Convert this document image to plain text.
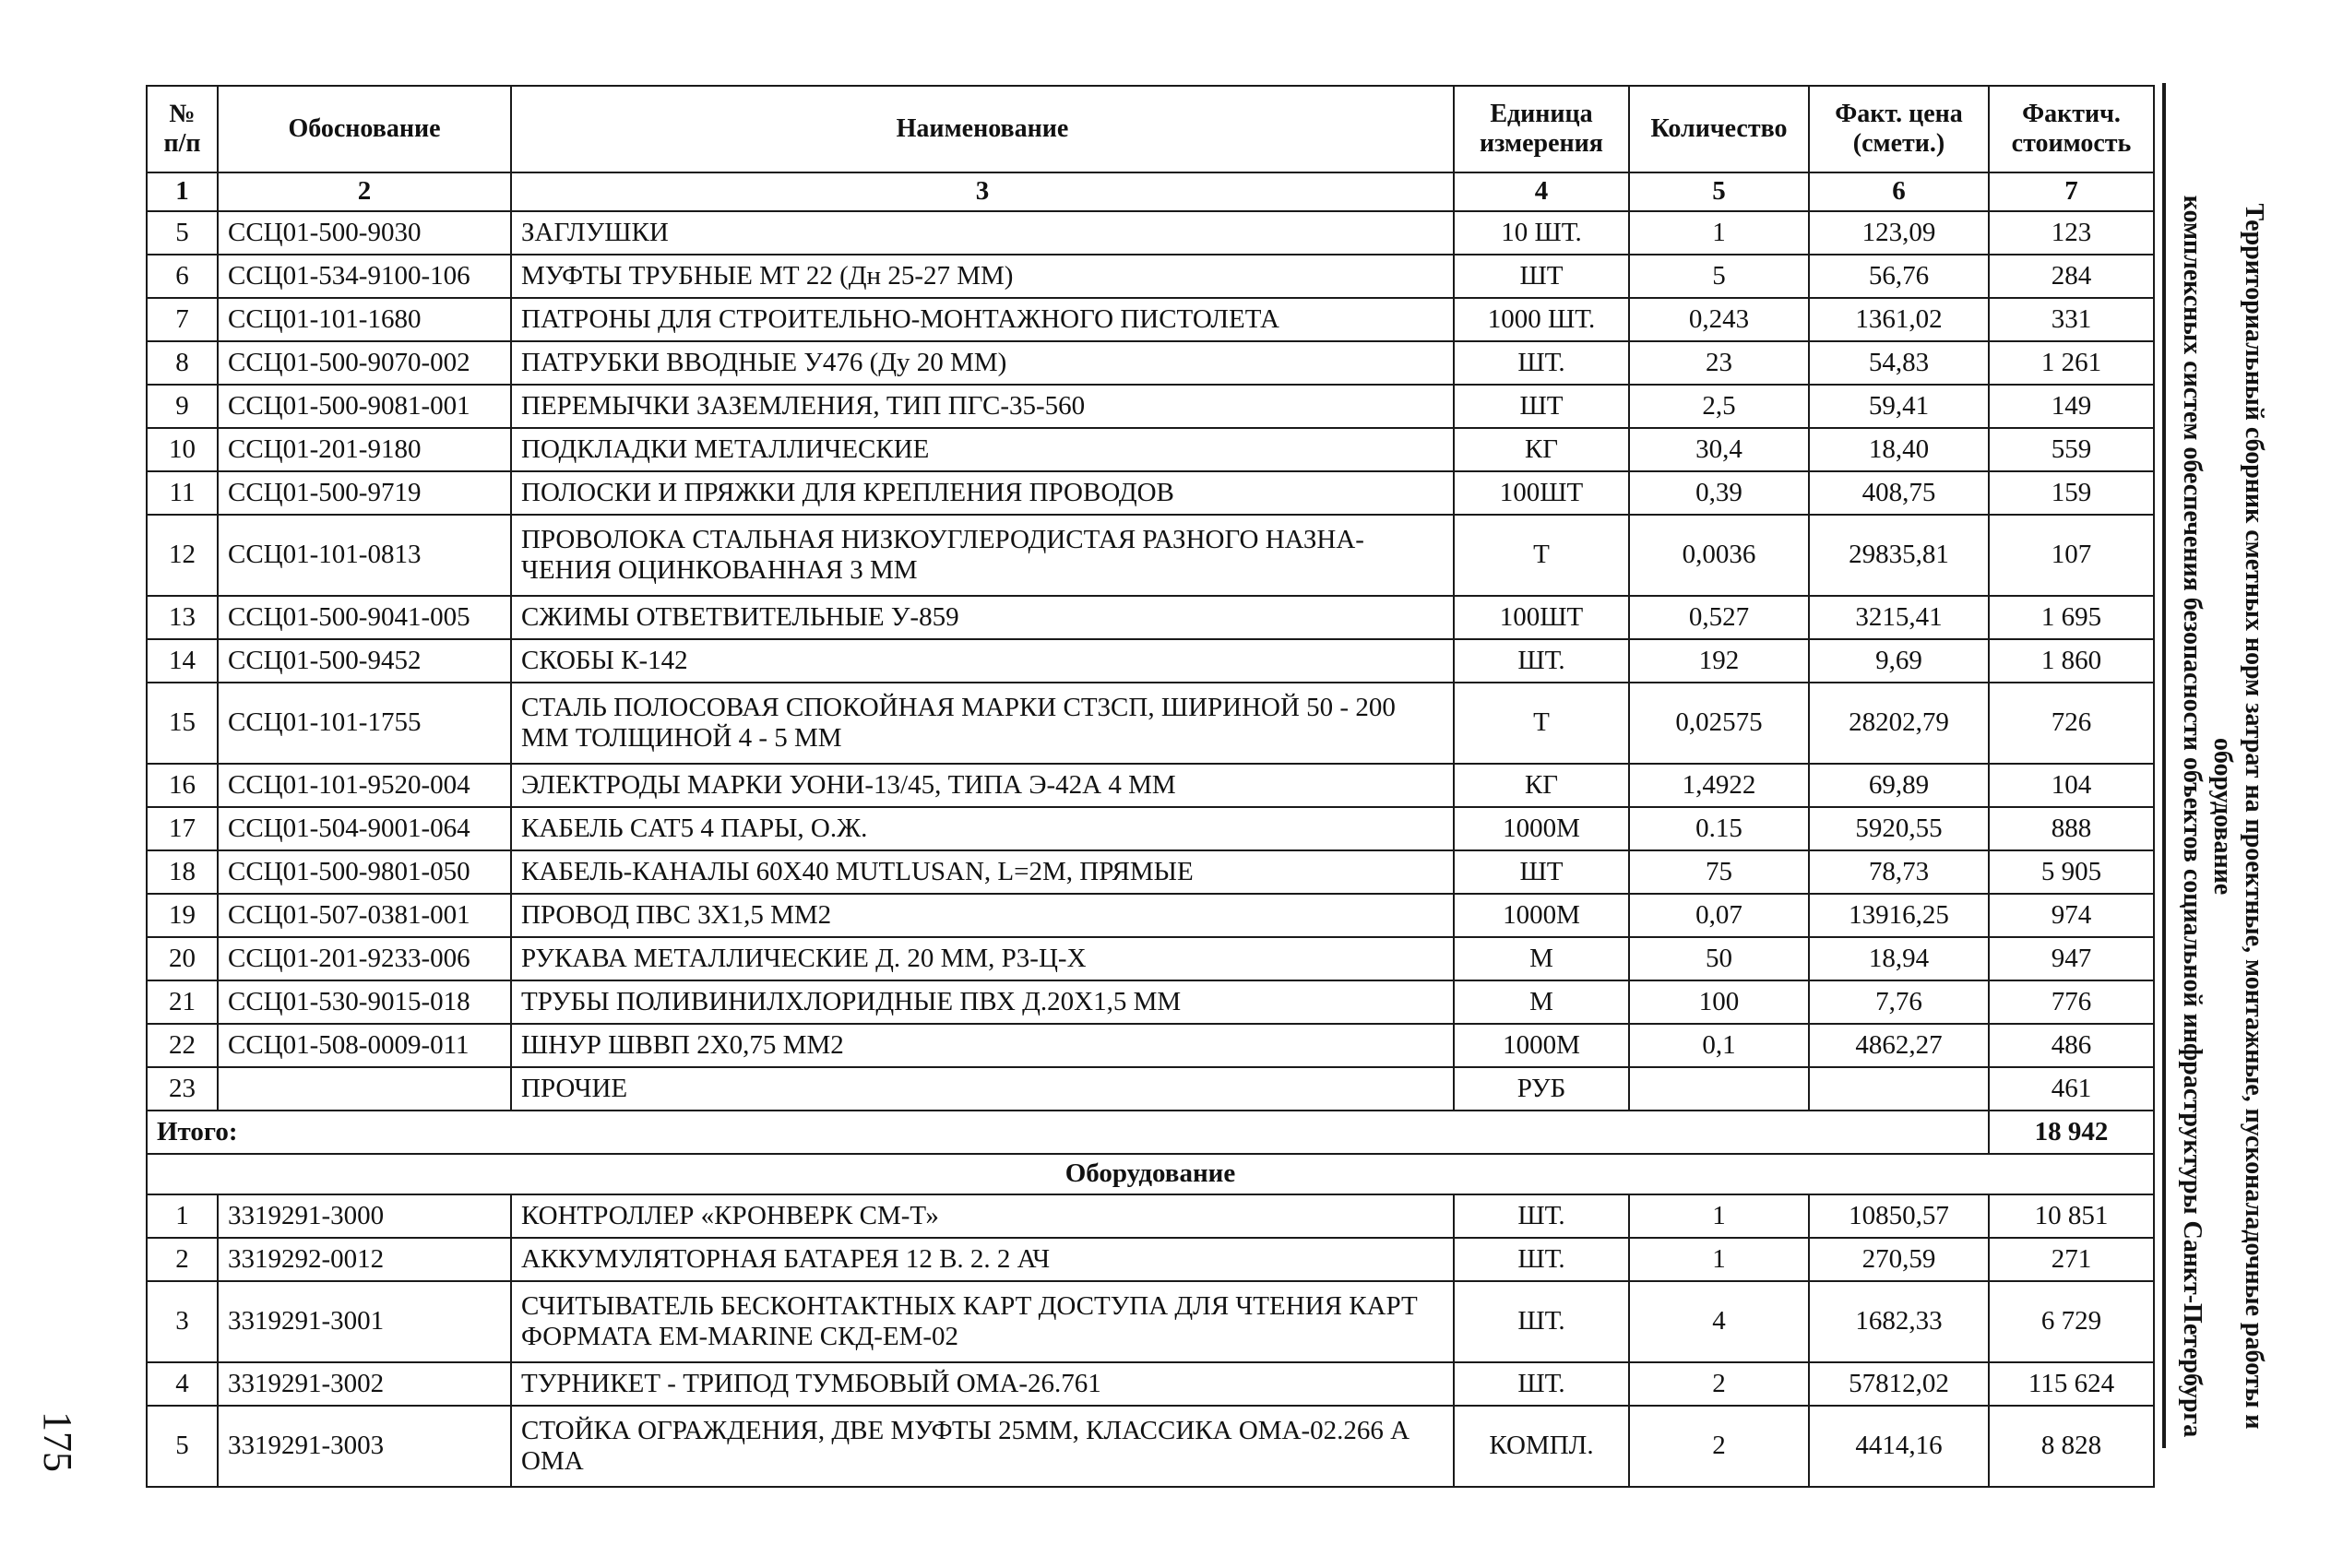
№ п/п	Обоснование	Наименование	Единица измерения	Количество	Факт. цена (смети.)	Фактич. стоимость
1	2	3	4	5	6	7
5	ССЦ01-500-9030	ЗАГЛУШКИ	10 ШТ.	1	123,09	123
6	ССЦ01-534-9100-106	МУФТЫ ТРУБНЫЕ МТ 22 (Дн 25-27 ММ)	ШТ	5	56,76	284
7	ССЦ01-101-1680	ПАТРОНЫ ДЛЯ СТРОИТЕЛЬНО-МОНТАЖНОГО ПИСТОЛЕТА	1000 ШТ.	0,243	1361,02	331
8	ССЦ01-500-9070-002	ПАТРУБКИ ВВОДНЫЕ У476 (Ду 20 ММ)	ШТ.	23	54,83	1 261
9	ССЦ01-500-9081-001	ПЕРЕМЫЧКИ ЗАЗЕМЛЕНИЯ, ТИП ПГС-35-560	ШТ	2,5	59,41	149
10	ССЦ01-201-9180	ПОДКЛАДКИ МЕТАЛЛИЧЕСКИЕ	КГ	30,4	18,40	559
11	ССЦ01-500-9719	ПОЛОСКИ И ПРЯЖКИ ДЛЯ КРЕПЛЕНИЯ ПРОВОДОВ	100ШТ	0,39	408,75	159
12	ССЦ01-101-0813	ПРОВОЛОКА СТАЛЬНАЯ НИЗКОУГЛЕРОДИСТАЯ РАЗНОГО НАЗНА-ЧЕНИЯ ОЦИНКОВАННАЯ 3 ММ	Т	0,0036	29835,81	107
13	ССЦ01-500-9041-005	СЖИМЫ ОТВЕТВИТЕЛЬНЫЕ У-859	100ШТ	0,527	3215,41	1 695
14	ССЦ01-500-9452	СКОБЫ К-142	ШТ.	192	9,69	1 860
15	ССЦ01-101-1755	СТАЛЬ ПОЛОСОВАЯ СПОКОЙНАЯ МАРКИ СТ3СП, ШИРИНОЙ 50 - 200 ММ ТОЛЩИНОЙ 4 - 5 ММ	Т	0,02575	28202,79	726
16	ССЦ01-101-9520-004	ЭЛЕКТРОДЫ МАРКИ УОНИ-13/45, ТИПА Э-42А 4 ММ	КГ	1,4922	69,89	104
17	ССЦ01-504-9001-064	КАБЕЛЬ CAT5 4 ПАРЫ, О.Ж.	1000М	0.15	5920,55	888
18	ССЦ01-500-9801-050	КАБЕЛЬ-КАНАЛЫ 60X40 MUTLUSAN, L=2M, ПРЯМЫЕ	ШТ	75	78,73	5 905
19	ССЦ01-507-0381-001	ПРОВОД ПВС 3X1,5 ММ2	1000М	0,07	13916,25	974
20	ССЦ01-201-9233-006	РУКАВА МЕТАЛЛИЧЕСКИЕ Д. 20 ММ, Р3-Ц-Х	М	50	18,94	947
21	ССЦ01-530-9015-018	ТРУБЫ ПОЛИВИНИЛХЛОРИДНЫЕ ПВХ Д.20X1,5 ММ	М	100	7,76	776
22	ССЦ01-508-0009-011	ШНУР ШВВП 2X0,75 ММ2	1000М	0,1	4862,27	486
23		ПРОЧИЕ	РУБ			461
Итого:						18 942
Оборудование						
1	3319291-3000	КОНТРОЛЛЕР «КРОНВЕРК СМ-Т»	ШТ.	1	10850,57	10 851
2	3319292-0012	АККУМУЛЯТОРНАЯ БАТАРЕЯ 12 В. 2. 2 АЧ	ШТ.	1	270,59	271
3	3319291-3001	СЧИТЫВАТЕЛЬ БЕСКОНТАКТНЫХ КАРТ ДОСТУПА ДЛЯ ЧТЕНИЯ КАРТ ФОРМАТА EM-MARINE СКД-ЕМ-02	ШТ.	4	1682,33	6 729
4	3319291-3002	ТУРНИКЕТ - ТРИПОД ТУМБОВЫЙ ОМА-26.761	ШТ.	2	57812,02	115 624
5	3319291-3003	СТОЙКА ОГРАЖДЕНИЯ, ДВЕ МУФТЫ 25ММ, КЛАССИКА ОМА-02.266 А ОМА	КОМПЛ.	2	4414,16	8 828
Территориальный сборник сметных норм затрат на проектные, монтажные, пусконаладочные работы и оборудование
комплексных систем обеспечения безопасности объектов социальной инфраструктуры Санкт-Петербурга
175
